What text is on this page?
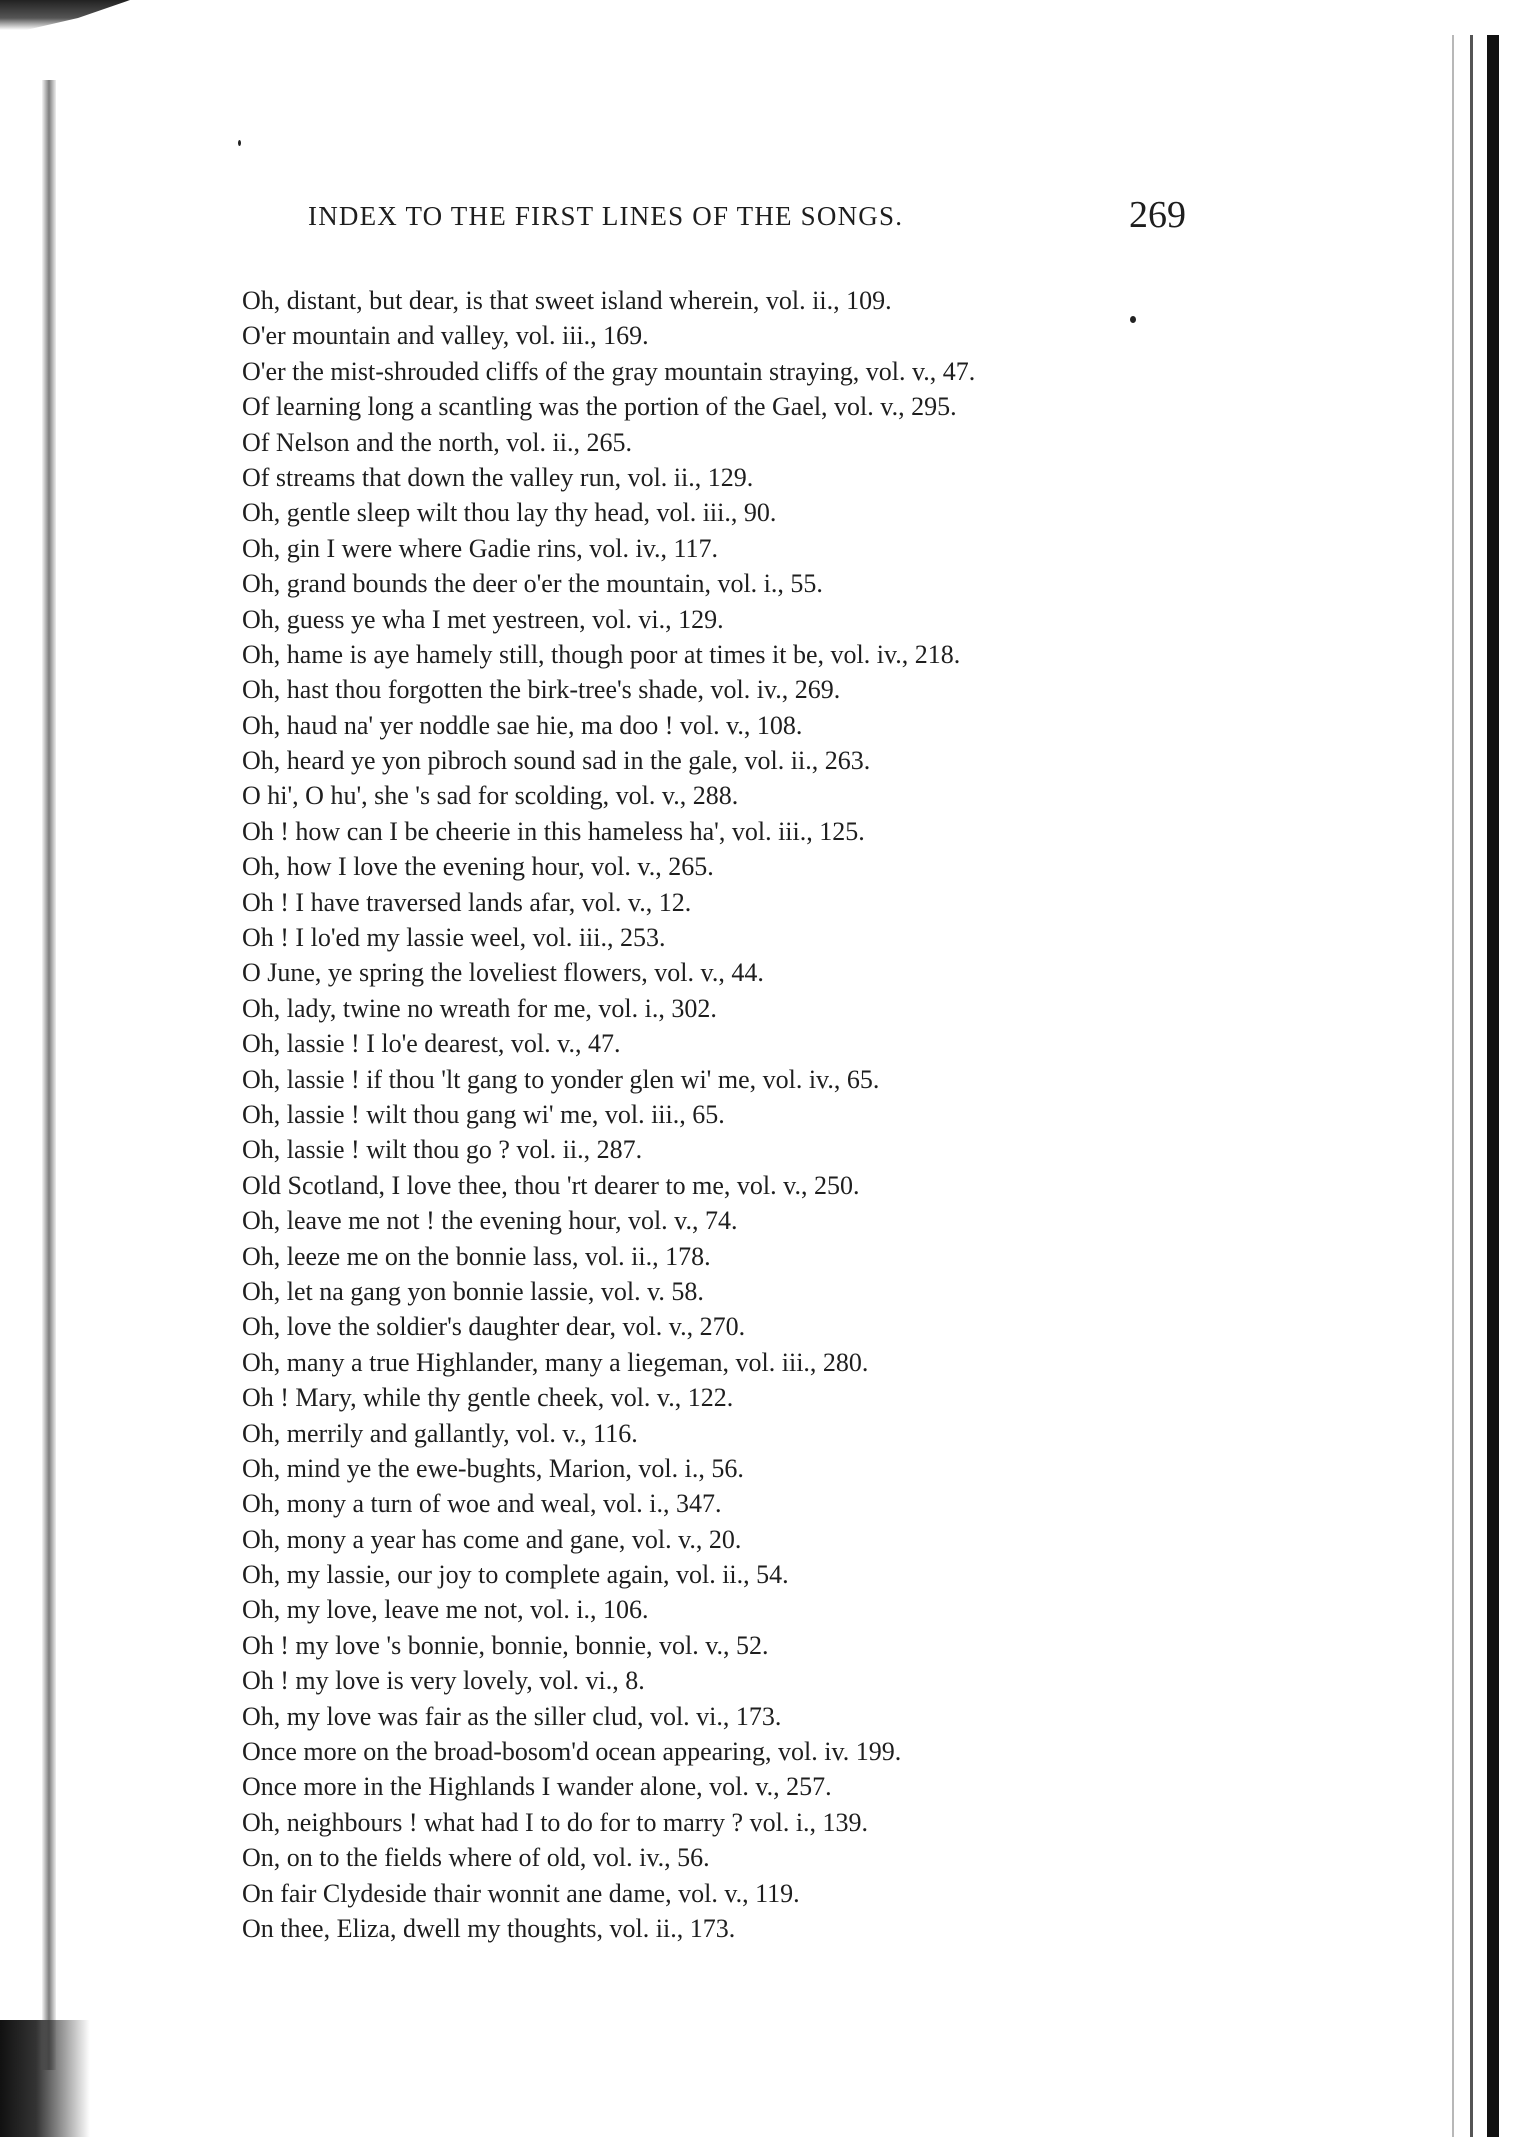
INDEX TO THE FIRST LINES OF THE SONGS.	269
Oh, distant, but dear, is that sweet island wherein, vol. ii., 109.
O'er mountain and valley, vol. iii., 169.
O'er the mist-shrouded cliffs of the gray mountain straying, vol. v., 47.
Of learning long a scantling was the portion of the Gael, vol. v., 295.
Of Nelson and the north, vol. ii., 265.
Of streams that down the valley run, vol. ii., 129.
Oh, gentle sleep wilt thou lay thy head, vol. iii., 90.
Oh, gin I were where Gadie rins, vol. iv., 117.
Oh, grand bounds the deer o'er the mountain, vol. i., 55.
Oh, guess ye wha I met yestreen, vol. vi., 129.
Oh, hame is aye hamely still, though poor at times it be, vol. iv., 218.
Oh, hast thou forgotten the birk-tree's shade, vol. iv., 269.
Oh, haud na' yer noddle sae hie, ma doo ! vol. v., 108.
Oh, heard ye yon pibroch sound sad in the gale, vol. ii., 263.
O hi', O hu', she 's sad for scolding, vol. v., 288.
Oh ! how can I be cheerie in this hameless ha', vol. iii., 125.
Oh, how I love the evening hour, vol. v., 265.
Oh ! I have traversed lands afar, vol. v., 12.
Oh ! I lo'ed my lassie weel, vol. iii., 253.
O June, ye spring the loveliest flowers, vol. v., 44.
Oh, lady, twine no wreath for me, vol. i., 302.
Oh, lassie ! I lo'e dearest, vol. v., 47.
Oh, lassie ! if thou 'lt gang to yonder glen wi' me, vol. iv., 65.
Oh, lassie ! wilt thou gang wi' me, vol. iii., 65.
Oh, lassie ! wilt thou go ? vol. ii., 287.
Old Scotland, I love thee, thou 'rt dearer to me, vol. v., 250.
Oh, leave me not ! the evening hour, vol. v., 74.
Oh, leeze me on the bonnie lass, vol. ii., 178.
Oh, let na gang yon bonnie lassie, vol. v. 58.
Oh, love the soldier's daughter dear, vol. v., 270.
Oh, many a true Highlander, many a liegeman, vol. iii., 280.
Oh ! Mary, while thy gentle cheek, vol. v., 122.
Oh, merrily and gallantly, vol. v., 116.
Oh, mind ye the ewe-bughts, Marion, vol. i., 56.
Oh, mony a turn of woe and weal, vol. i., 347.
Oh, mony a year has come and gane, vol. v., 20.
Oh, my lassie, our joy to complete again, vol. ii., 54.
Oh, my love, leave me not, vol. i., 106.
Oh ! my love 's bonnie, bonnie, bonnie, vol. v., 52.
Oh ! my love is very lovely, vol. vi., 8.
Oh, my love was fair as the siller clud, vol. vi., 173.
Once more on the broad-bosom'd ocean appearing, vol. iv. 199.
Once more in the Highlands I wander alone, vol. v., 257.
Oh, neighbours ! what had I to do for to marry ? vol. i., 139.
On, on to the fields where of old, vol. iv., 56.
On fair Clydeside thair wonnit ane dame, vol. v., 119.
On thee, Eliza, dwell my thoughts, vol. ii., 173.
